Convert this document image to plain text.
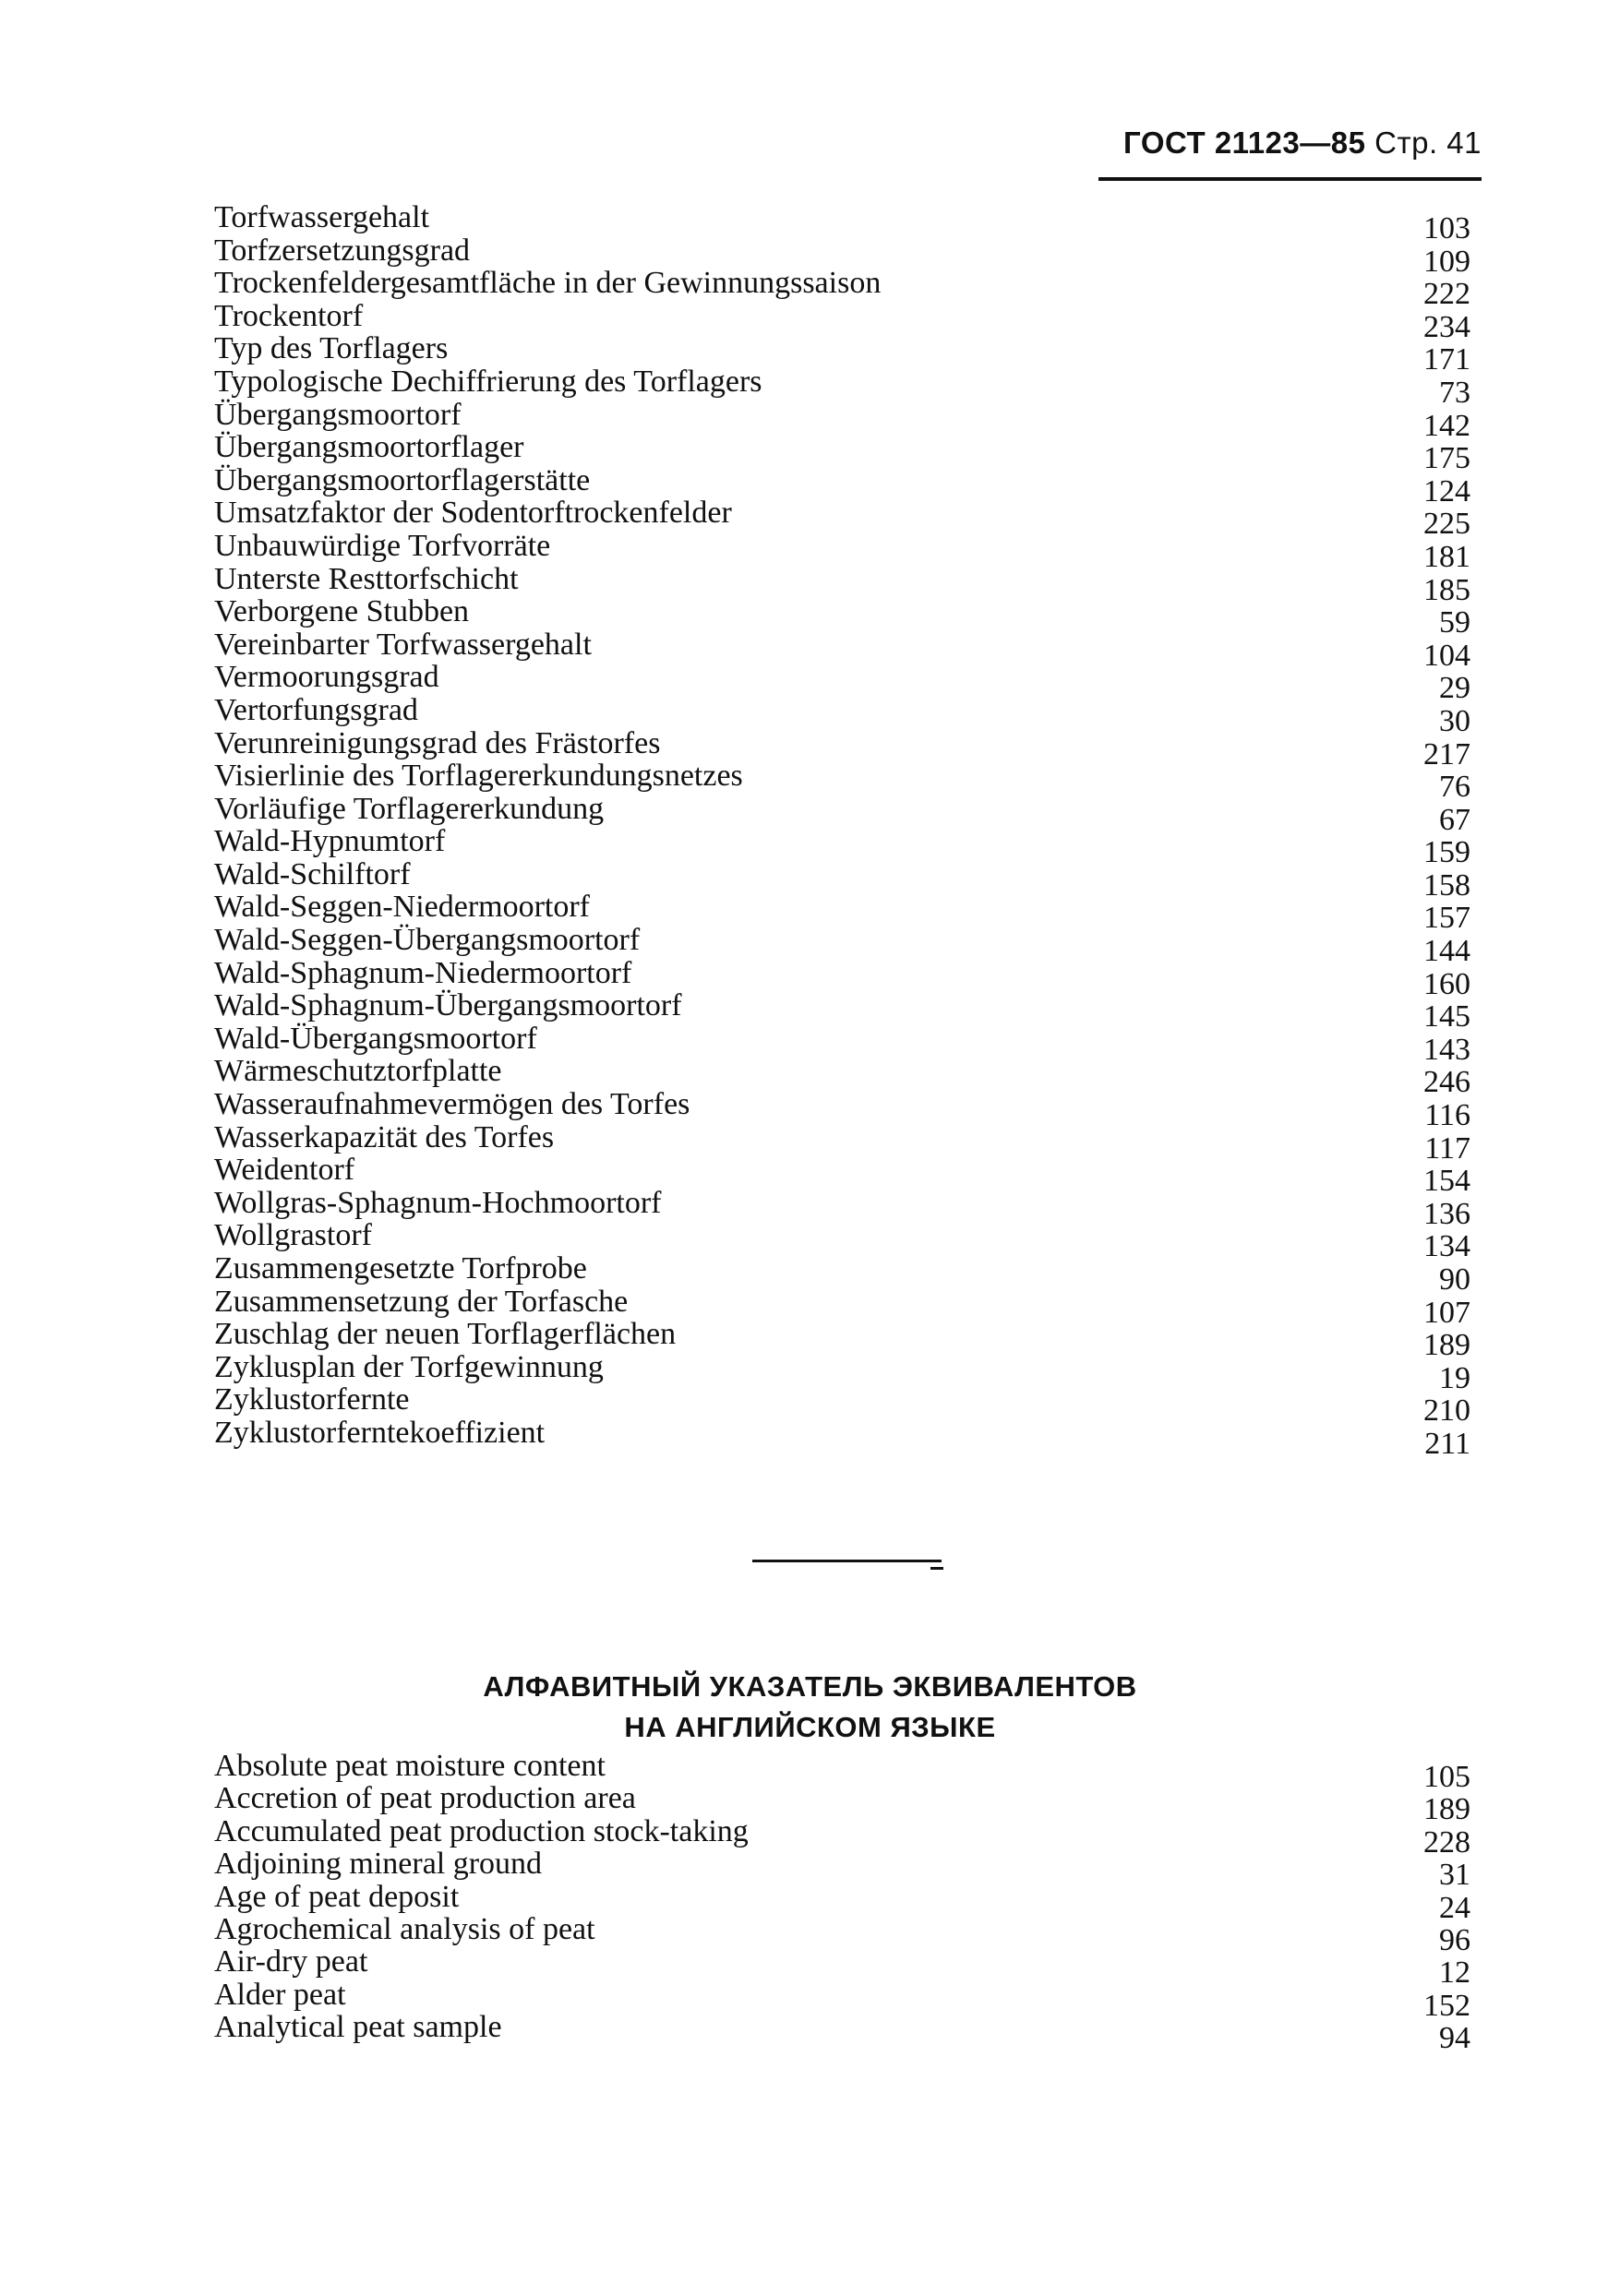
ГОСТ 21123—85 Стр. 41
Torfwassergehalt	103
Torfzersetzungsgrad	109
Trockenfeldergesamtfläche in der Gewinnungssaison	222
Trockentorf	234
Typ des Torflagers	171
Typologische Dechiffrierung des Torflagers	73
Übergangsmoortorf	142
Übergangsmoortorflager	175
Übergangsmoortorflagerstätte	124
Umsatzfaktor der Sodentorftrockenfelder	225
Unbauwürdige Torfvorräte	181
Unterste Resttorfschicht	185
Verborgene Stubben	59
Vereinbarter Torfwassergehalt	104
Vermoorungsgrad	29
Vertorfungsgrad	30
Verunreinigungsgrad des Frästorfes	217
Visierlinie des Torflagererkundungsnetzes	76
Vorläufige Torflagererkundung	67
Wald-Hypnumtorf	159
Wald-Schilftorf	158
Wald-Seggen-Niedermoortorf	157
Wald-Seggen-Übergangsmoortorf	144
Wald-Sphagnum-Niedermoortorf	160
Wald-Sphagnum-Übergangsmoortorf	145
Wald-Übergangsmoortorf	143
Wärmeschutztorfplatte	246
Wasseraufnahmevermögen des Torfes	116
Wasserkapazität des Torfes	117
Weidentorf	154
Wollgras-Sphagnum-Hochmoortorf	136
Wollgrastorf	134
Zusammengesetzte Torfprobe	90
Zusammensetzung der Torfasche	107
Zuschlag der neuen Torflagerflächen	189
Zyklusplan der Torfgewinnung	19
Zyklustorfernte	210
Zyklustorferntekoeffizient	211
АЛФАВИТНЫЙ УКАЗАТЕЛЬ ЭКВИВАЛЕНТОВ
НА АНГЛИЙСКОМ ЯЗЫКЕ
Absolute peat moisture content	105
Accretion of peat production area	189
Accumulated peat production stock-taking	228
Adjoining mineral ground	31
Age of peat deposit	24
Agrochemical analysis of peat	96
Air-dry peat	12
Alder peat	152
Analytical peat sample	94
